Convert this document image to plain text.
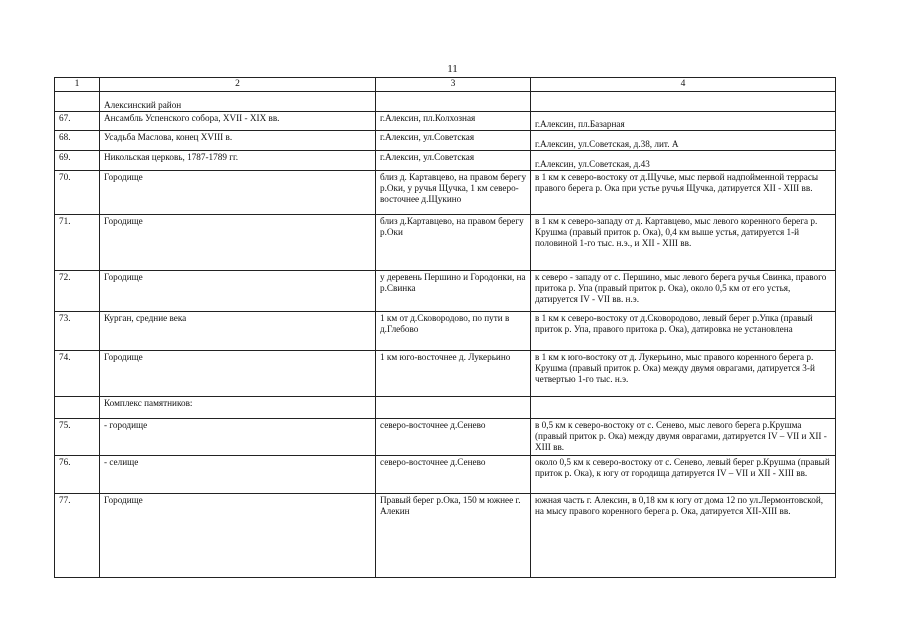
11
1	2	3	4
	Алексинский район		
67.	Ансамбль Успенского собора, XVII - XIX вв.	г.Алексин, пл.Колхозная	г.Алексин, пл.Базарная
68.	Усадьба Маслова, конец XVIII в.	г.Алексин, ул.Советская	г.Алексин, ул.Советская, д.38, лит. А
69.	Никольская церковь, 1787-1789 гг.	г.Алексин, ул.Советская	г.Алексин, ул.Советская, д.43
70.	Городище	близ д. Картавцево, на правом берегу р.Оки, у ручья Щучка, 1 км северо-восточнее д.Щукино	в 1 км к северо-востоку от д.Щучье, мыс первой надпойменной террасы правого берега р. Ока при устье ручья Щучка, датируется XII - XIII вв.
71.	Городище	близ д.Картавцево, на правом берегу р.Оки	в 1 км к северо-западу от д. Картавцево, мыс левого коренного берега р. Крушма (правый приток р. Ока), 0,4 км выше устья, датируется 1-й половиной 1-го тыс. н.э., и XII - XIII вв.
72.	Городище	у деревень Першино и Городонки, на р.Свинка	к северо - западу от с. Першино, мыс левого берега ручья Свинка, правого притока р. Упа (правый приток р. Ока), около 0,5 км от его устья, датируется IV - VII вв. н.э.
73.	Курган, средние века	1 км от д.Сковородово, по пути в д.Глебово	в 1 км к северо-востоку от д.Сковородово, левый берег р.Упка (правый приток р. Упа, правого притока р. Ока), датировка не установлена
74.	Городище	1 км юго-восточнее д. Лукерьино	в 1 км к юго-востоку от д. Лукерьино, мыс правого коренного берега р. Крушма (правый приток р. Ока) между двумя оврагами, датируется 3-й четвертью 1-го тыс. н.э.
	Комплекс памятников:		
75.	- городище	северо-восточнее д.Сенево	в 0,5 км к северо-востоку от с. Сенево, мыс левого берега р.Крушма (правый приток р. Ока) между двумя оврагами, датируется IV – VII и XII - XIII вв.
76.	- селище	северо-восточнее д.Сенево	около 0,5 км к северо-востоку от с. Сенево, левый берег р.Крушма (правый приток р. Ока), к югу от городища датируется IV – VII и XII - XIII вв.
77.	Городище	Правый берег р.Ока, 150 м южнее г. Алекин	южная часть г. Алексин, в 0,18 км к югу от дома 12 по ул.Лермонтовской, на мысу правого коренного берега р. Ока, датируется XII-XIII вв.
